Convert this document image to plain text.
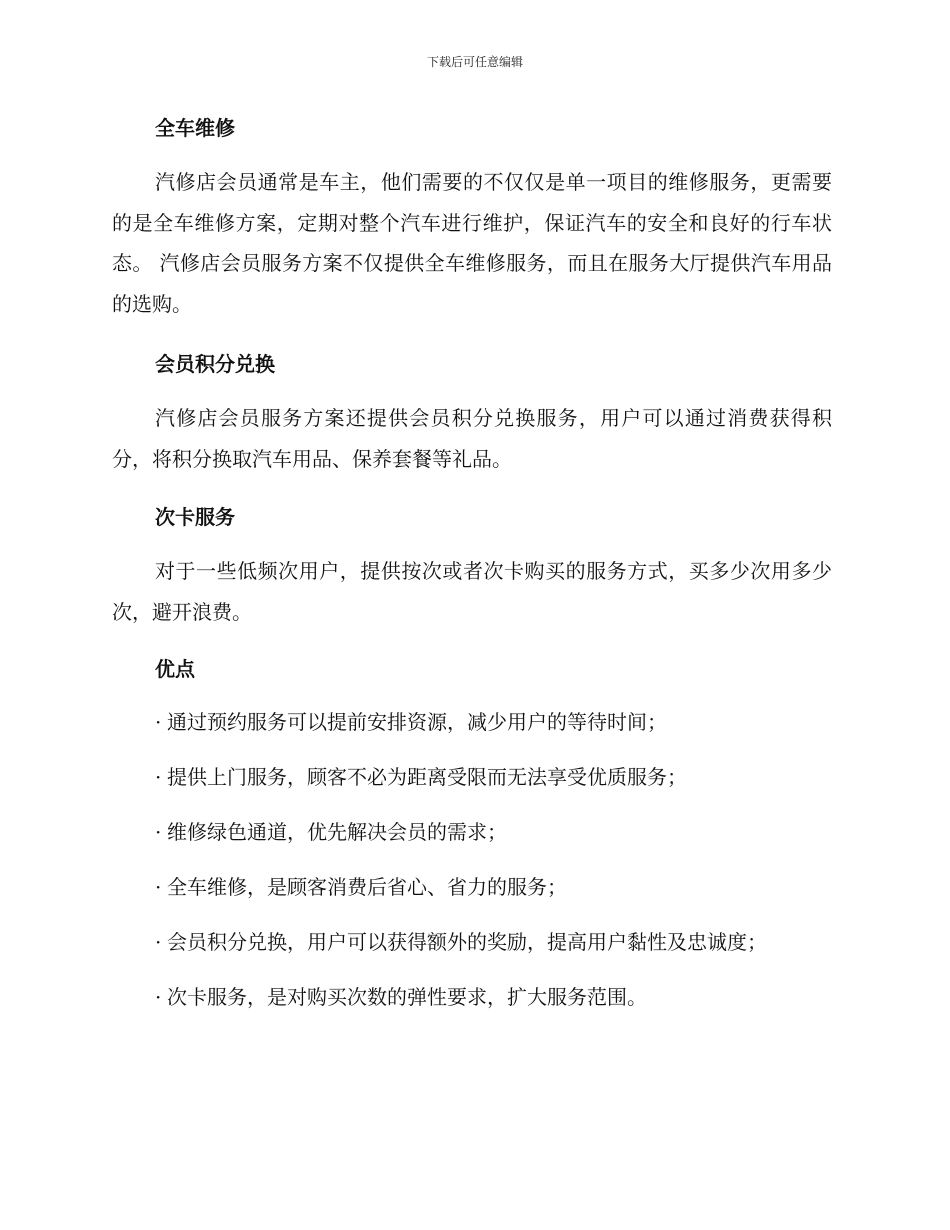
下载后可任意编辑
全车维修

汽修店会员通常是车主，他们需要的不仅仅是单一项目的维修服务，更需要的是全车维修方案，定期对整个汽车进行维护，保证汽车的安全和良好的行车状态。 汽修店会员服务方案不仅提供全车维修服务，而且在服务大厅提供汽车用品的选购。

会员积分兑换

汽修店会员服务方案还提供会员积分兑换服务，用户可以通过消费获得积分，将积分换取汽车用品、保养套餐等礼品。

次卡服务

对于一些低频次用户，提供按次或者次卡购买的服务方式，买多少次用多少次，避开浪费。

优点

· 通过预约服务可以提前安排资源，减少用户的等待时间；

· 提供上门服务，顾客不必为距离受限而无法享受优质服务；

· 维修绿色通道，优先解决会员的需求；

· 全车维修，是顾客消费后省心、省力的服务；

· 会员积分兑换，用户可以获得额外的奖励，提高用户黏性及忠诚度；

· 次卡服务，是对购买次数的弹性要求，扩大服务范围。
